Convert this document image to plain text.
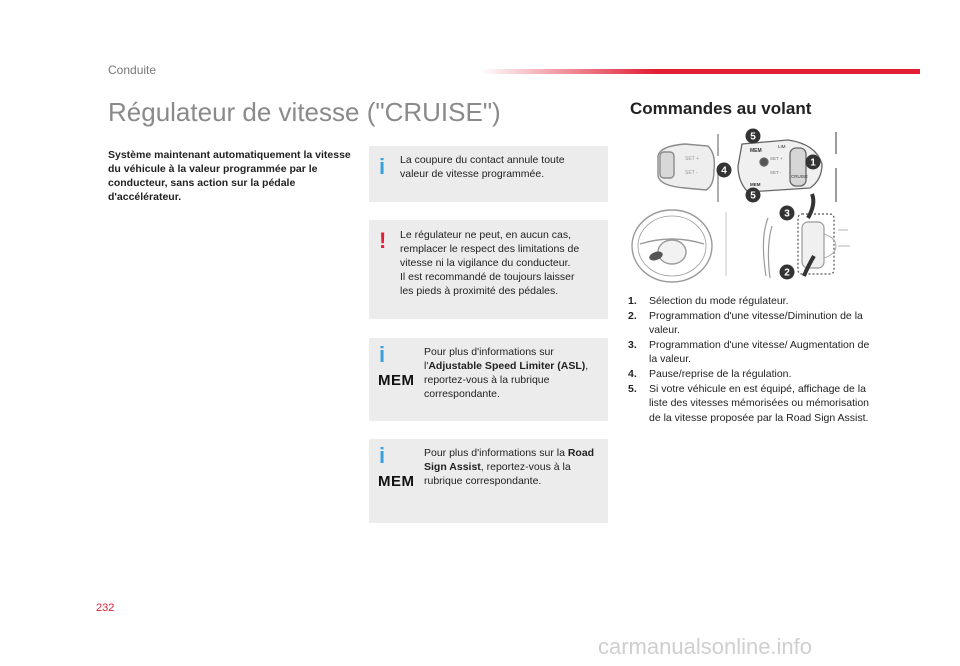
Conduite
Régulateur de vitesse ("CRUISE")

Système maintenant automatiquement la vitesse du véhicule à la valeur programmée par le conducteur, sans action sur la pédale d'accélérateur.

i La coupure du contact annule toute valeur de vitesse programmée.
! Le régulateur ne peut, en aucun cas,
remplacer le respect des limitations de
vitesse ni la vigilance du conducteur.
Il est recommandé de toujours laisser
les pieds à proximité des pédales.
i
MEM
Pour plus d'informations sur l'Adjustable Speed Limiter (ASL), reportez-vous à la rubrique correspondante.
i
MEM
Pour plus d'informations sur la Road Sign Assist, reportez-vous à la rubrique correspondante.
Commandes au volant
SET +
SET -
MEM
SET +
SET -
LIM
CRUISE
MEM
5
1
4
5
3
2
1. Sélection du mode régulateur.
2. Programmation d'une vitesse/Diminution de la valeur.
3. Programmation d'une vitesse/ Augmentation de la valeur.
4. Pause/reprise de la régulation.
5. Si votre véhicule en est équipé, affichage de la liste des vitesses mémorisées ou mémorisation de la vitesse proposée par la Road Sign Assist.
232
carmanualsonline.info
